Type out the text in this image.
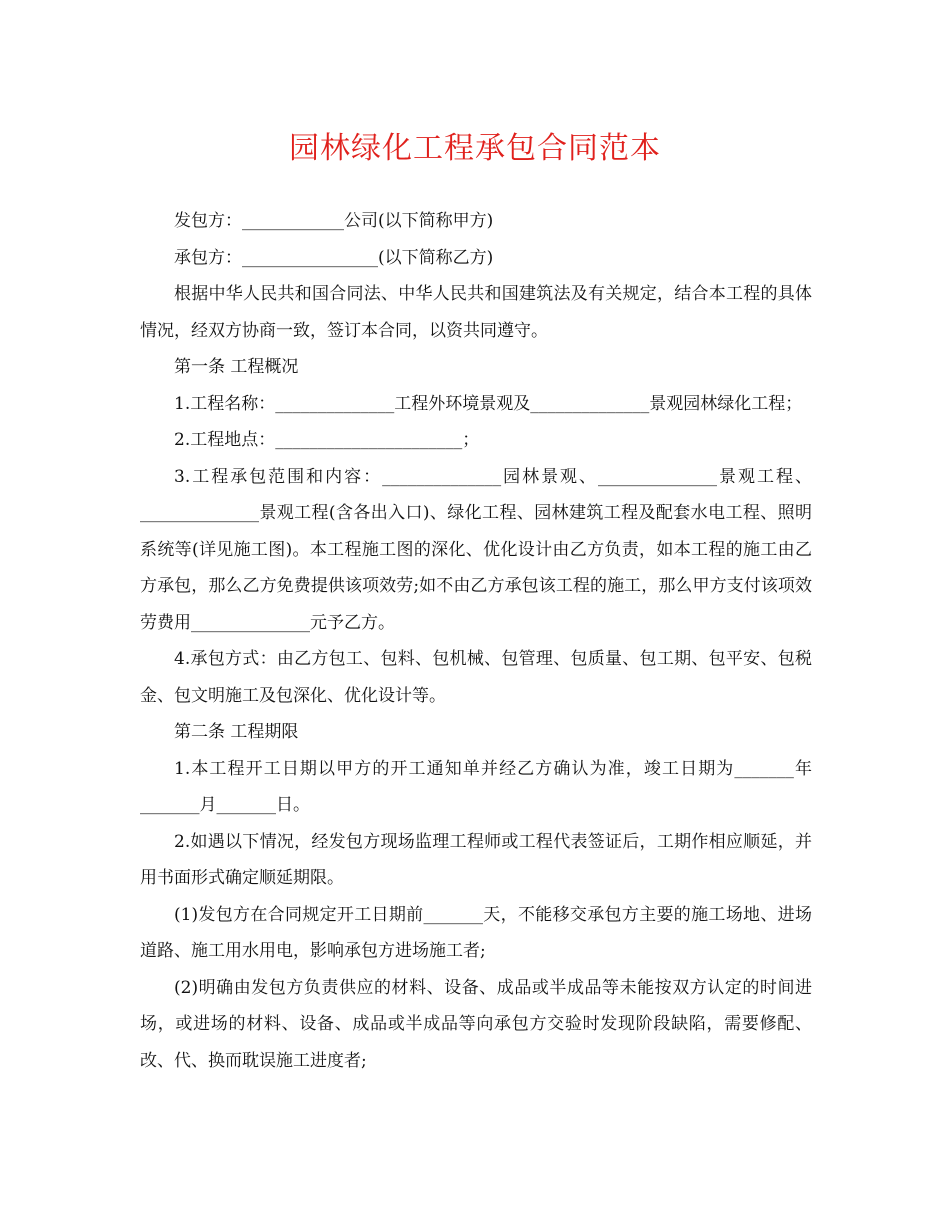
园林绿化工程承包合同范本

发包方：____________公司(以下简称甲方)

承包方：________________(以下简称乙方)

根据中华人民共和国合同法、中华人民共和国建筑法及有关规定，结合本工程的具体情况，经双方协商一致，签订本合同，以资共同遵守。

第一条 工程概况

1.工程名称：______________工程外环境景观及______________景观园林绿化工程；

2.工程地点：______________________；

3.工程承包范围和内容：______________园林景观、______________景观工程、______________景观工程(含各出入口)、绿化工程、园林建筑工程及配套水电工程、照明系统等(详见施工图)。本工程施工图的深化、优化设计由乙方负责，如本工程的施工由乙方承包，那么乙方免费提供该项效劳;如不由乙方承包该工程的施工，那么甲方支付该项效劳费用______________元予乙方。

4.承包方式：由乙方包工、包料、包机械、包管理、包质量、包工期、包平安、包税金、包文明施工及包深化、优化设计等。

第二条 工程期限

1.本工程开工日期以甲方的开工通知单并经乙方确认为准，竣工日期为_______年_______月_______日。

2.如遇以下情况，经发包方现场监理工程师或工程代表签证后，工期作相应顺延，并用书面形式确定顺延期限。

(1)发包方在合同规定开工日期前_______天，不能移交承包方主要的施工场地、进场道路、施工用水用电，影响承包方进场施工者;

(2)明确由发包方负责供应的材料、设备、成品或半成品等未能按双方认定的时间进场，或进场的材料、设备、成品或半成品等向承包方交验时发现阶段缺陷，需要修配、改、代、换而耽误施工进度者;
